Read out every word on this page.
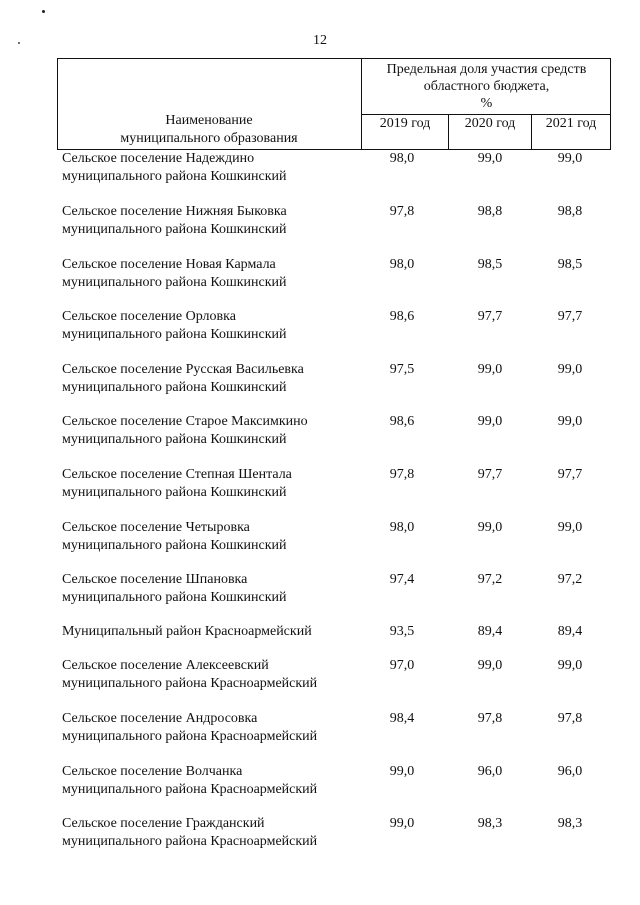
12
Наименование
муниципального образования
Предельная доля участия средств
областного бюджета,
%
2019 год	2020 год	2021 год
Сельское поселение Надеждино
муниципального района Кошкинский
98,0	99,0	99,0
Сельское поселение Нижняя Быковка
муниципального района Кошкинский
97,8	98,8	98,8
Сельское поселение Новая Кармала
муниципального района Кошкинский
98,0	98,5	98,5
Сельское поселение Орловка
муниципального района Кошкинский
98,6	97,7	97,7
Сельское поселение Русская Васильевка
муниципального района Кошкинский
97,5	99,0	99,0
Сельское поселение Старое Максимкино
муниципального района Кошкинский
98,6	99,0	99,0
Сельское поселение Степная Шентала
муниципального района Кошкинский
97,8	97,7	97,7
Сельское поселение Четыровка
муниципального района Кошкинский
98,0	99,0	99,0
Сельское поселение Шпановка
муниципального района Кошкинский
97,4	97,2	97,2
Муниципальный район Красноармейский	93,5	89,4	89,4
Сельское поселение Алексеевский
муниципального района Красноармейский
97,0	99,0	99,0
Сельское поселение Андросовка
муниципального района Красноармейский
98,4	97,8	97,8
Сельское поселение Волчанка
муниципального района Красноармейский
99,0	96,0	96,0
Сельское поселение Гражданский
муниципального района Красноармейский
99,0	98,3	98,3
